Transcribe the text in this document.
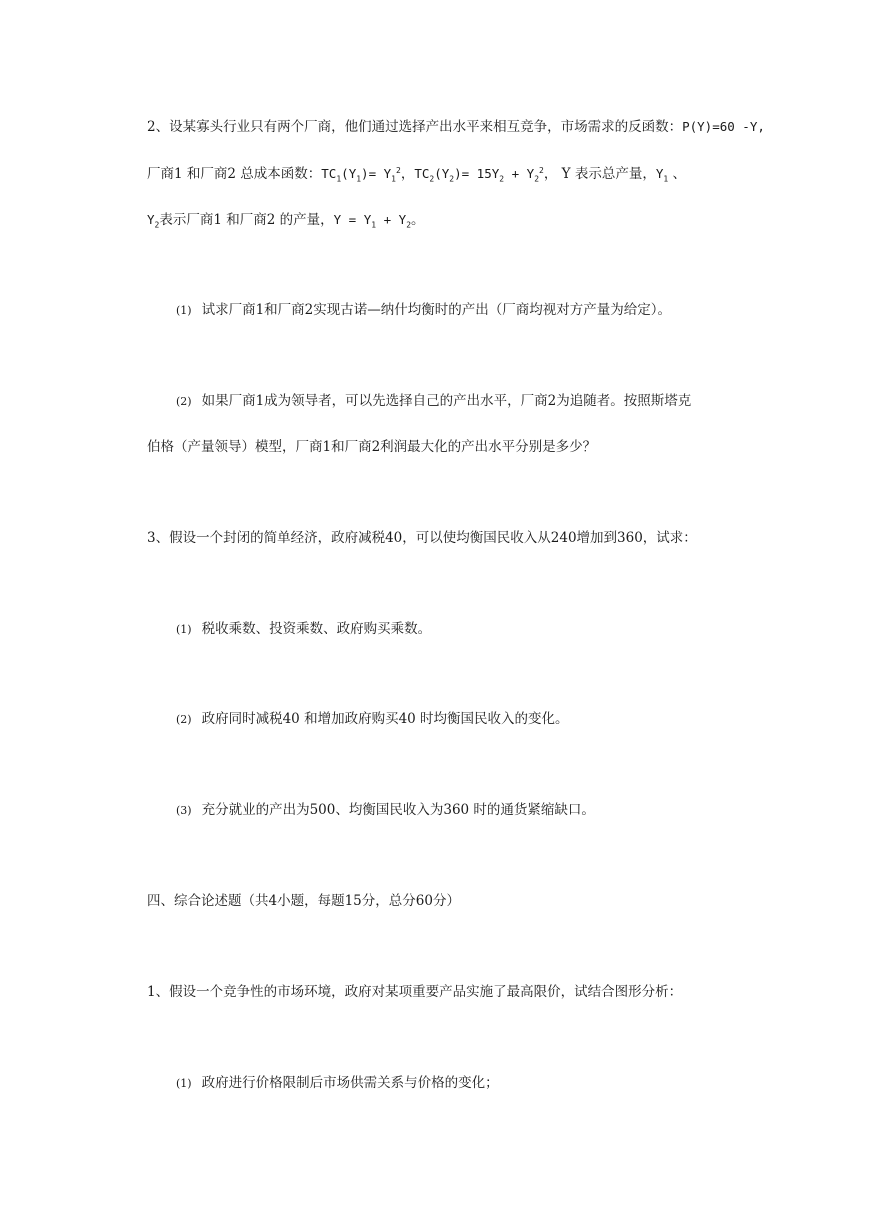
2、设某寡头行业只有两个厂商，他们通过选择产出水平来相互竞争，市场需求的反函数：P(Y)=60 -Y,
厂商1 和厂商2 总成本函数：$TC_1(Y_1)= Y_1^2$，$TC_2(Y_2)= 15Y_2 + Y_2^2$， Y 表示总产量，$Y_1$ 、
$Y_2$表示厂商1 和厂商2 的产量，$Y = Y_1 + Y_2$。
(1) 试求厂商1和厂商2实现古诺—纳什均衡时的产出（厂商均视对方产量为给定）。
(2) 如果厂商1成为领导者，可以先选择自己的产出水平，厂商2为追随者。按照斯塔克
伯格（产量领导）模型，厂商1和厂商2利润最大化的产出水平分别是多少？
3、假设一个封闭的简单经济，政府减税40，可以使均衡国民收入从240增加到360，试求：
(1) 税收乘数、投资乘数、政府购买乘数。
(2) 政府同时减税40 和增加政府购买40 时均衡国民收入的变化。
(3) 充分就业的产出为500、均衡国民收入为360 时的通货紧缩缺口。
四、综合论述题（共4小题，每题15分，总分60分）
1、假设一个竞争性的市场环境，政府对某项重要产品实施了最高限价，试结合图形分析：
(1) 政府进行价格限制后市场供需关系与价格的变化；
